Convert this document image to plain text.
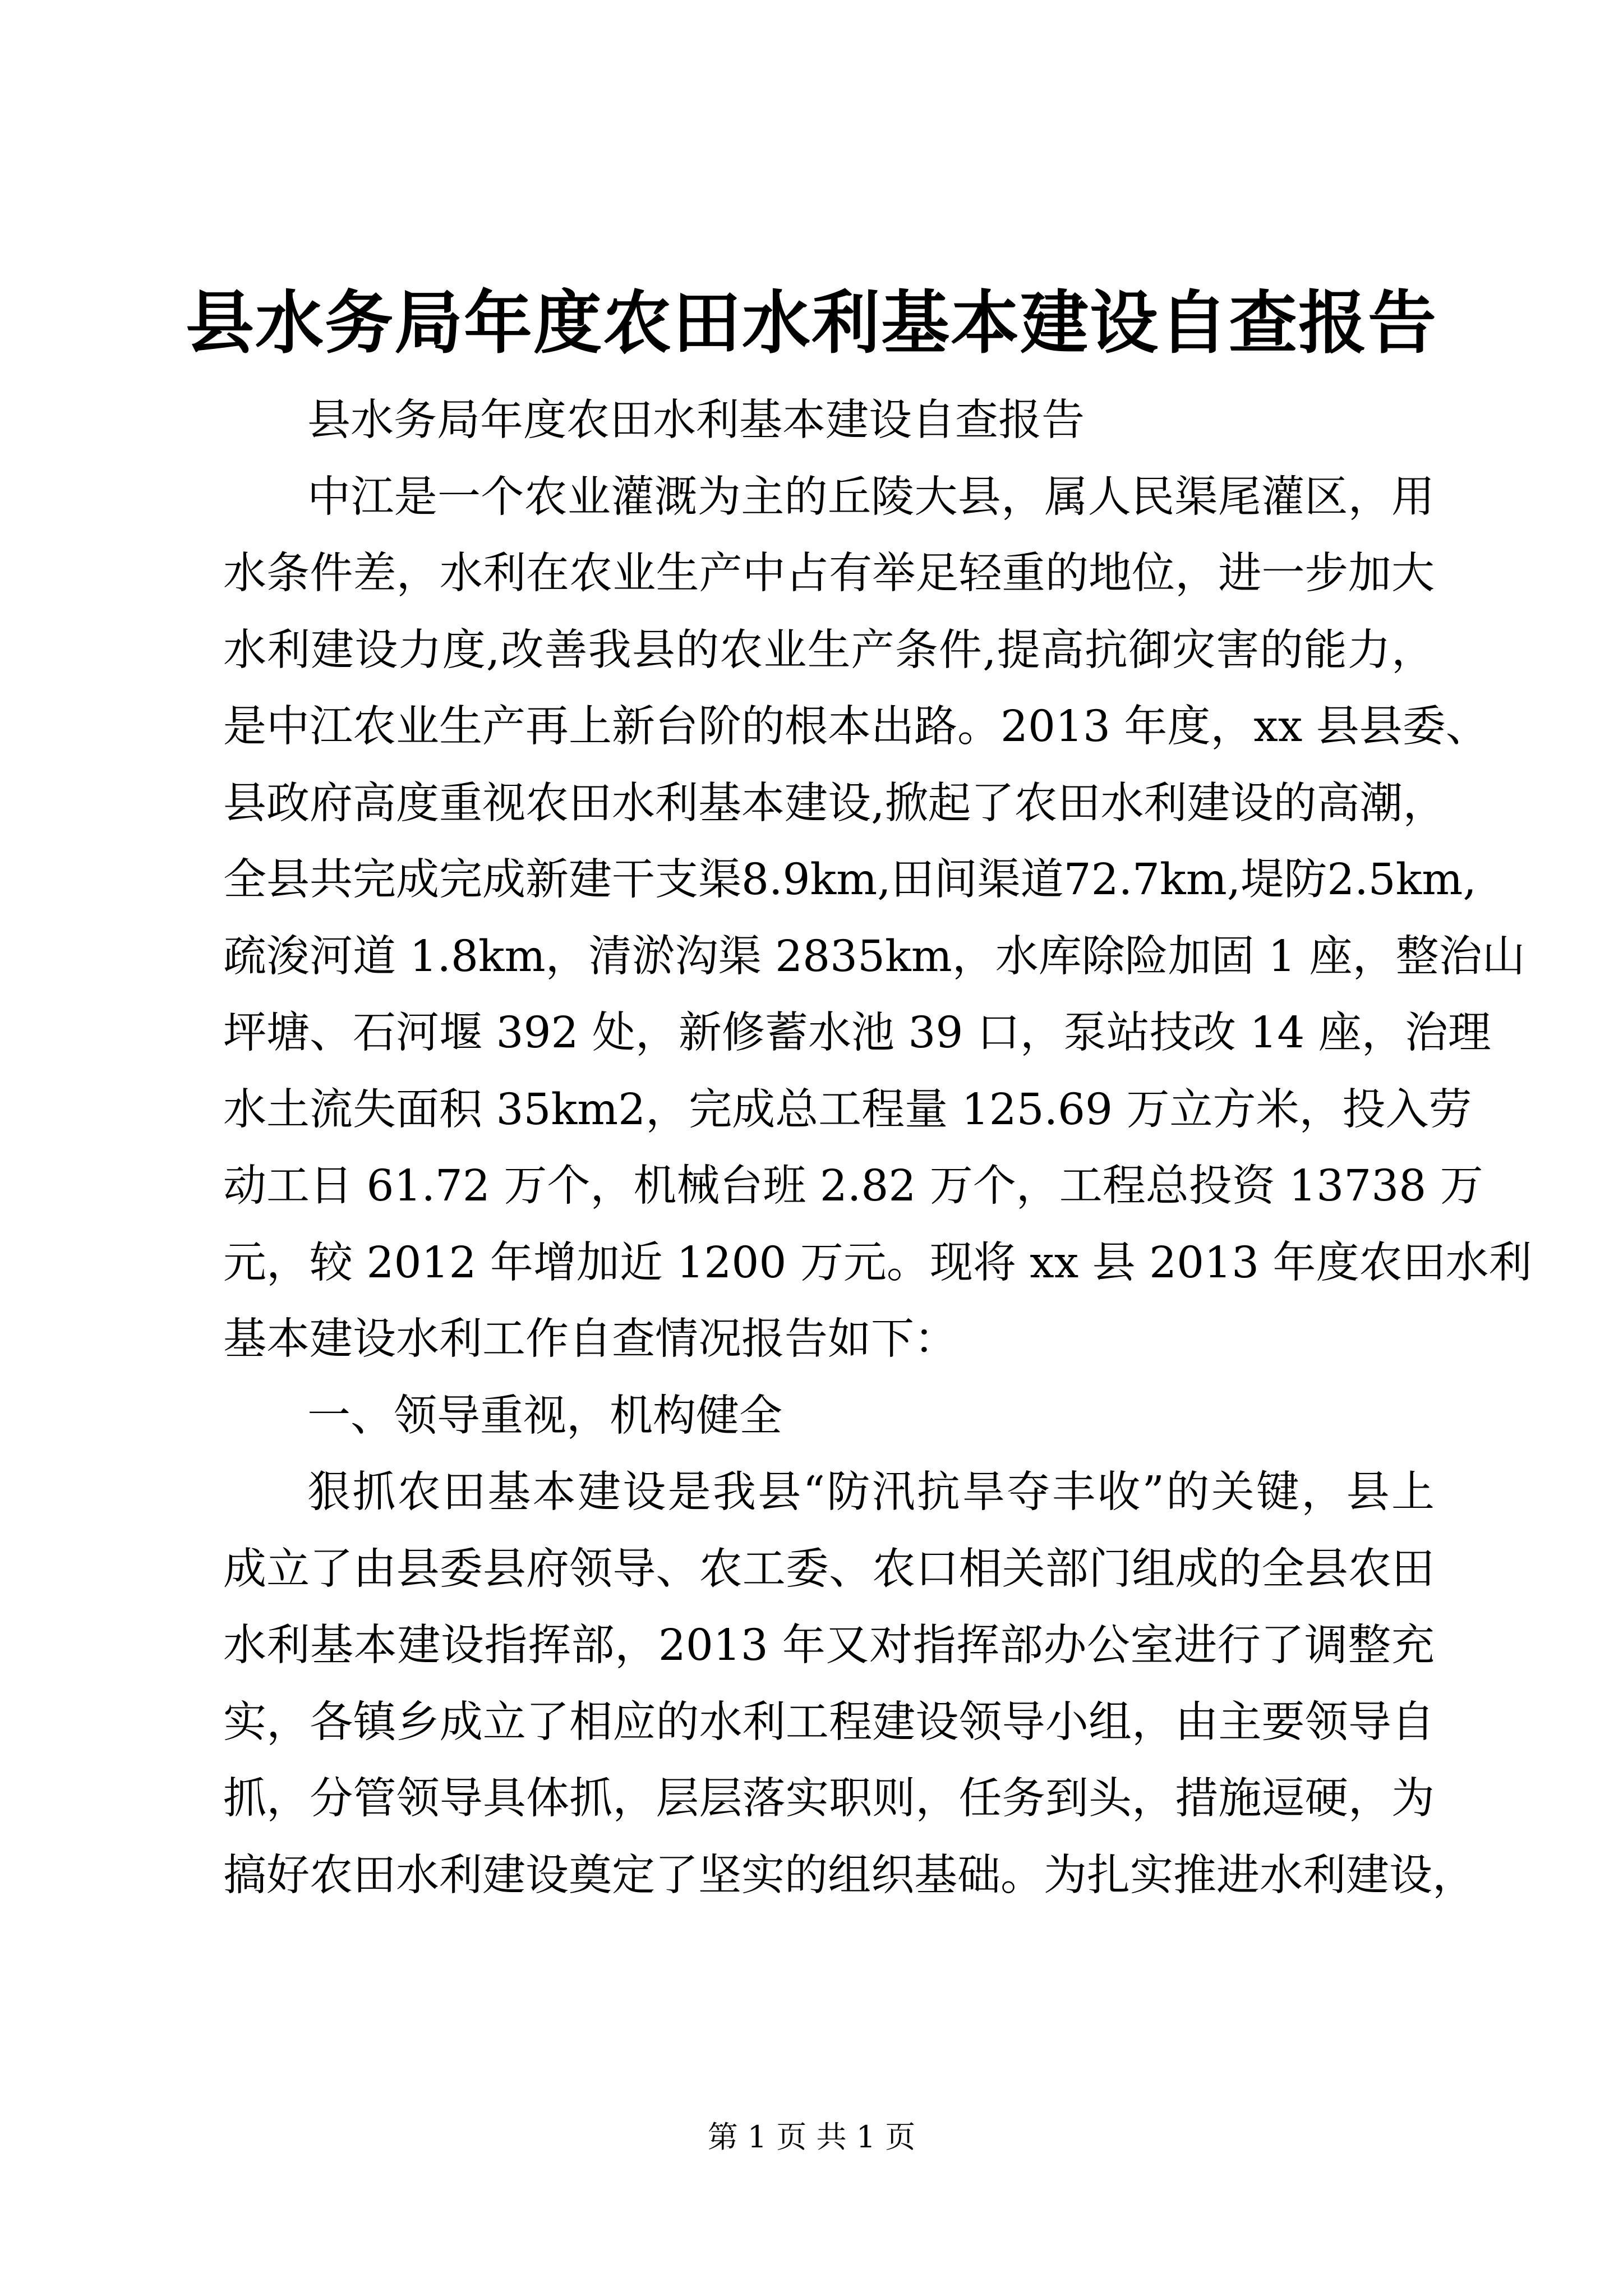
县水务局年度农田水利基本建设自查报告
县水务局年度农田水利基本建设自查报告
中江是一个农业灌溉为主的丘陵大县，属人民渠尾灌区，用
水条件差，水利在农业生产中占有举足轻重的地位，进一步加大
水利建设力度,改善我县的农业生产条件,提高抗御灾害的能力，
是中江农业生产再上新台阶的根本出路。2013 年度，xx 县县委、
县政府高度重视农田水利基本建设,掀起了农田水利建设的高潮，
全县共完成完成新建干支渠8.9km,田间渠道72.7km,堤防2.5km,
疏浚河道 1.8km，清淤沟渠 2835km，水库除险加固 1 座，整治山
坪塘、石河堰 392 处，新修蓄水池 39 口，泵站技改 14 座，治理
水土流失面积 35km2，完成总工程量 125.69 万立方米，投入劳
动工日 61.72 万个，机械台班 2.82 万个，工程总投资 13738 万
元，较 2012 年增加近 1200 万元。现将 xx 县 2013 年度农田水利
基本建设水利工作自查情况报告如下：
一、领导重视，机构健全
狠抓农田基本建设是我县“防汛抗旱夺丰收”的关键，县上
成立了由县委县府领导、农工委、农口相关部门组成的全县农田
水利基本建设指挥部，2013 年又对指挥部办公室进行了调整充
实，各镇乡成立了相应的水利工程建设领导小组，由主要领导自
抓，分管领导具体抓，层层落实职则，任务到头，措施逗硬，为
搞好农田水利建设奠定了坚实的组织基础。为扎实推进水利建设，
第 1 页 共 1 页
